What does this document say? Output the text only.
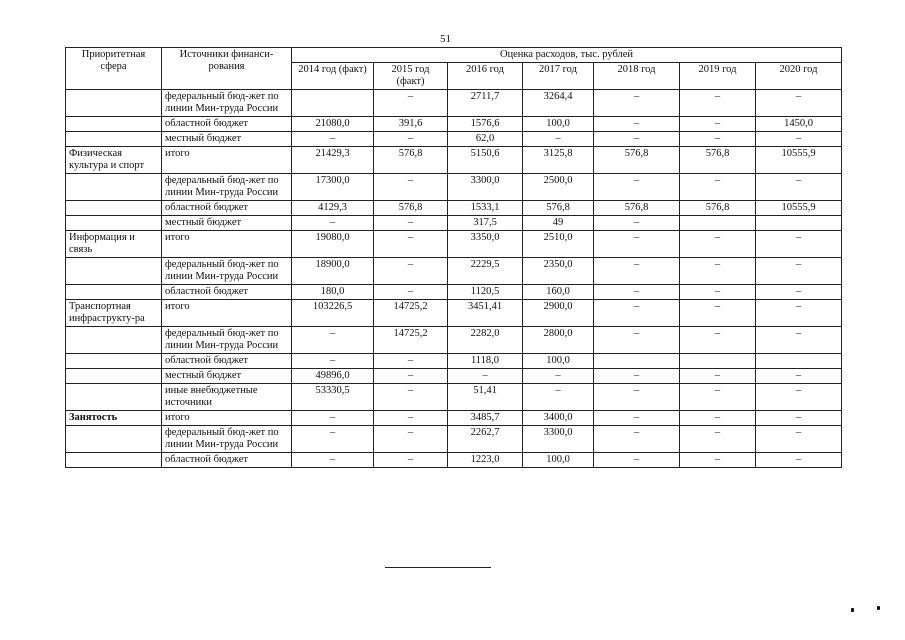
51
Приоритетная сфера	Источники финанси-рования	Оценка расходов, тыс. рублей						
		2014 год (факт)	2015 год (факт)	2016 год	2017 год	2018 год	2019 год	2020 год
	федеральный бюд-жет по линии Мин-труда России		–	2711,7	3264,4	–	–	–
	областной бюджет	21080,0	391,6	1576,6	100,0	–	–	1450,0
	местный бюджет	–	–	62,0	–	–	–	–
Физическая культура и спорт	итого	21429,3	576,8	5150,6	3125,8	576,8	576,8	10555,9
	федеральный бюд-жет по линии Мин-труда России	17300,0	–	3300,0	2500,0	–	–	–
	областной бюджет	4129,3	576,8	1533,1	576,8	576,8	576,8	10555,9
	местный бюджет	–	–	317,5	49	–		
Информация и связь	итого	19080,0	–	3350,0	2510,0	–	–	–
	федеральный бюд-жет по линии Мин-труда России	18900,0	–	2229,5	2350,0	–	–	–
	областной бюджет	180,0	–	1120,5	160,0	–	–	–
Транспортная инфраструкту-ра	итого	103226,5	14725,2	3451,41	2900,0	–	–	–
	федеральный бюд-жет по линии Мин-труда России	–	14725,2	2282,0	2800,0	–	–	–
	областной бюджет	–	–	1118,0	100,0			
	местный бюджет	49896,0	–	–	–	–	–	–
	иные внебюджетные источники	53330,5	–	51,41	–	–	–	–
Занятость	итого	–	–	3485,7	3400,0	–	–	–
	федеральный бюд-жет по линии Мин-труда России	–	–	2262,7	3300,0	–	–	–
	областной бюджет	–	–	1223,0	100,0	–	–	–
